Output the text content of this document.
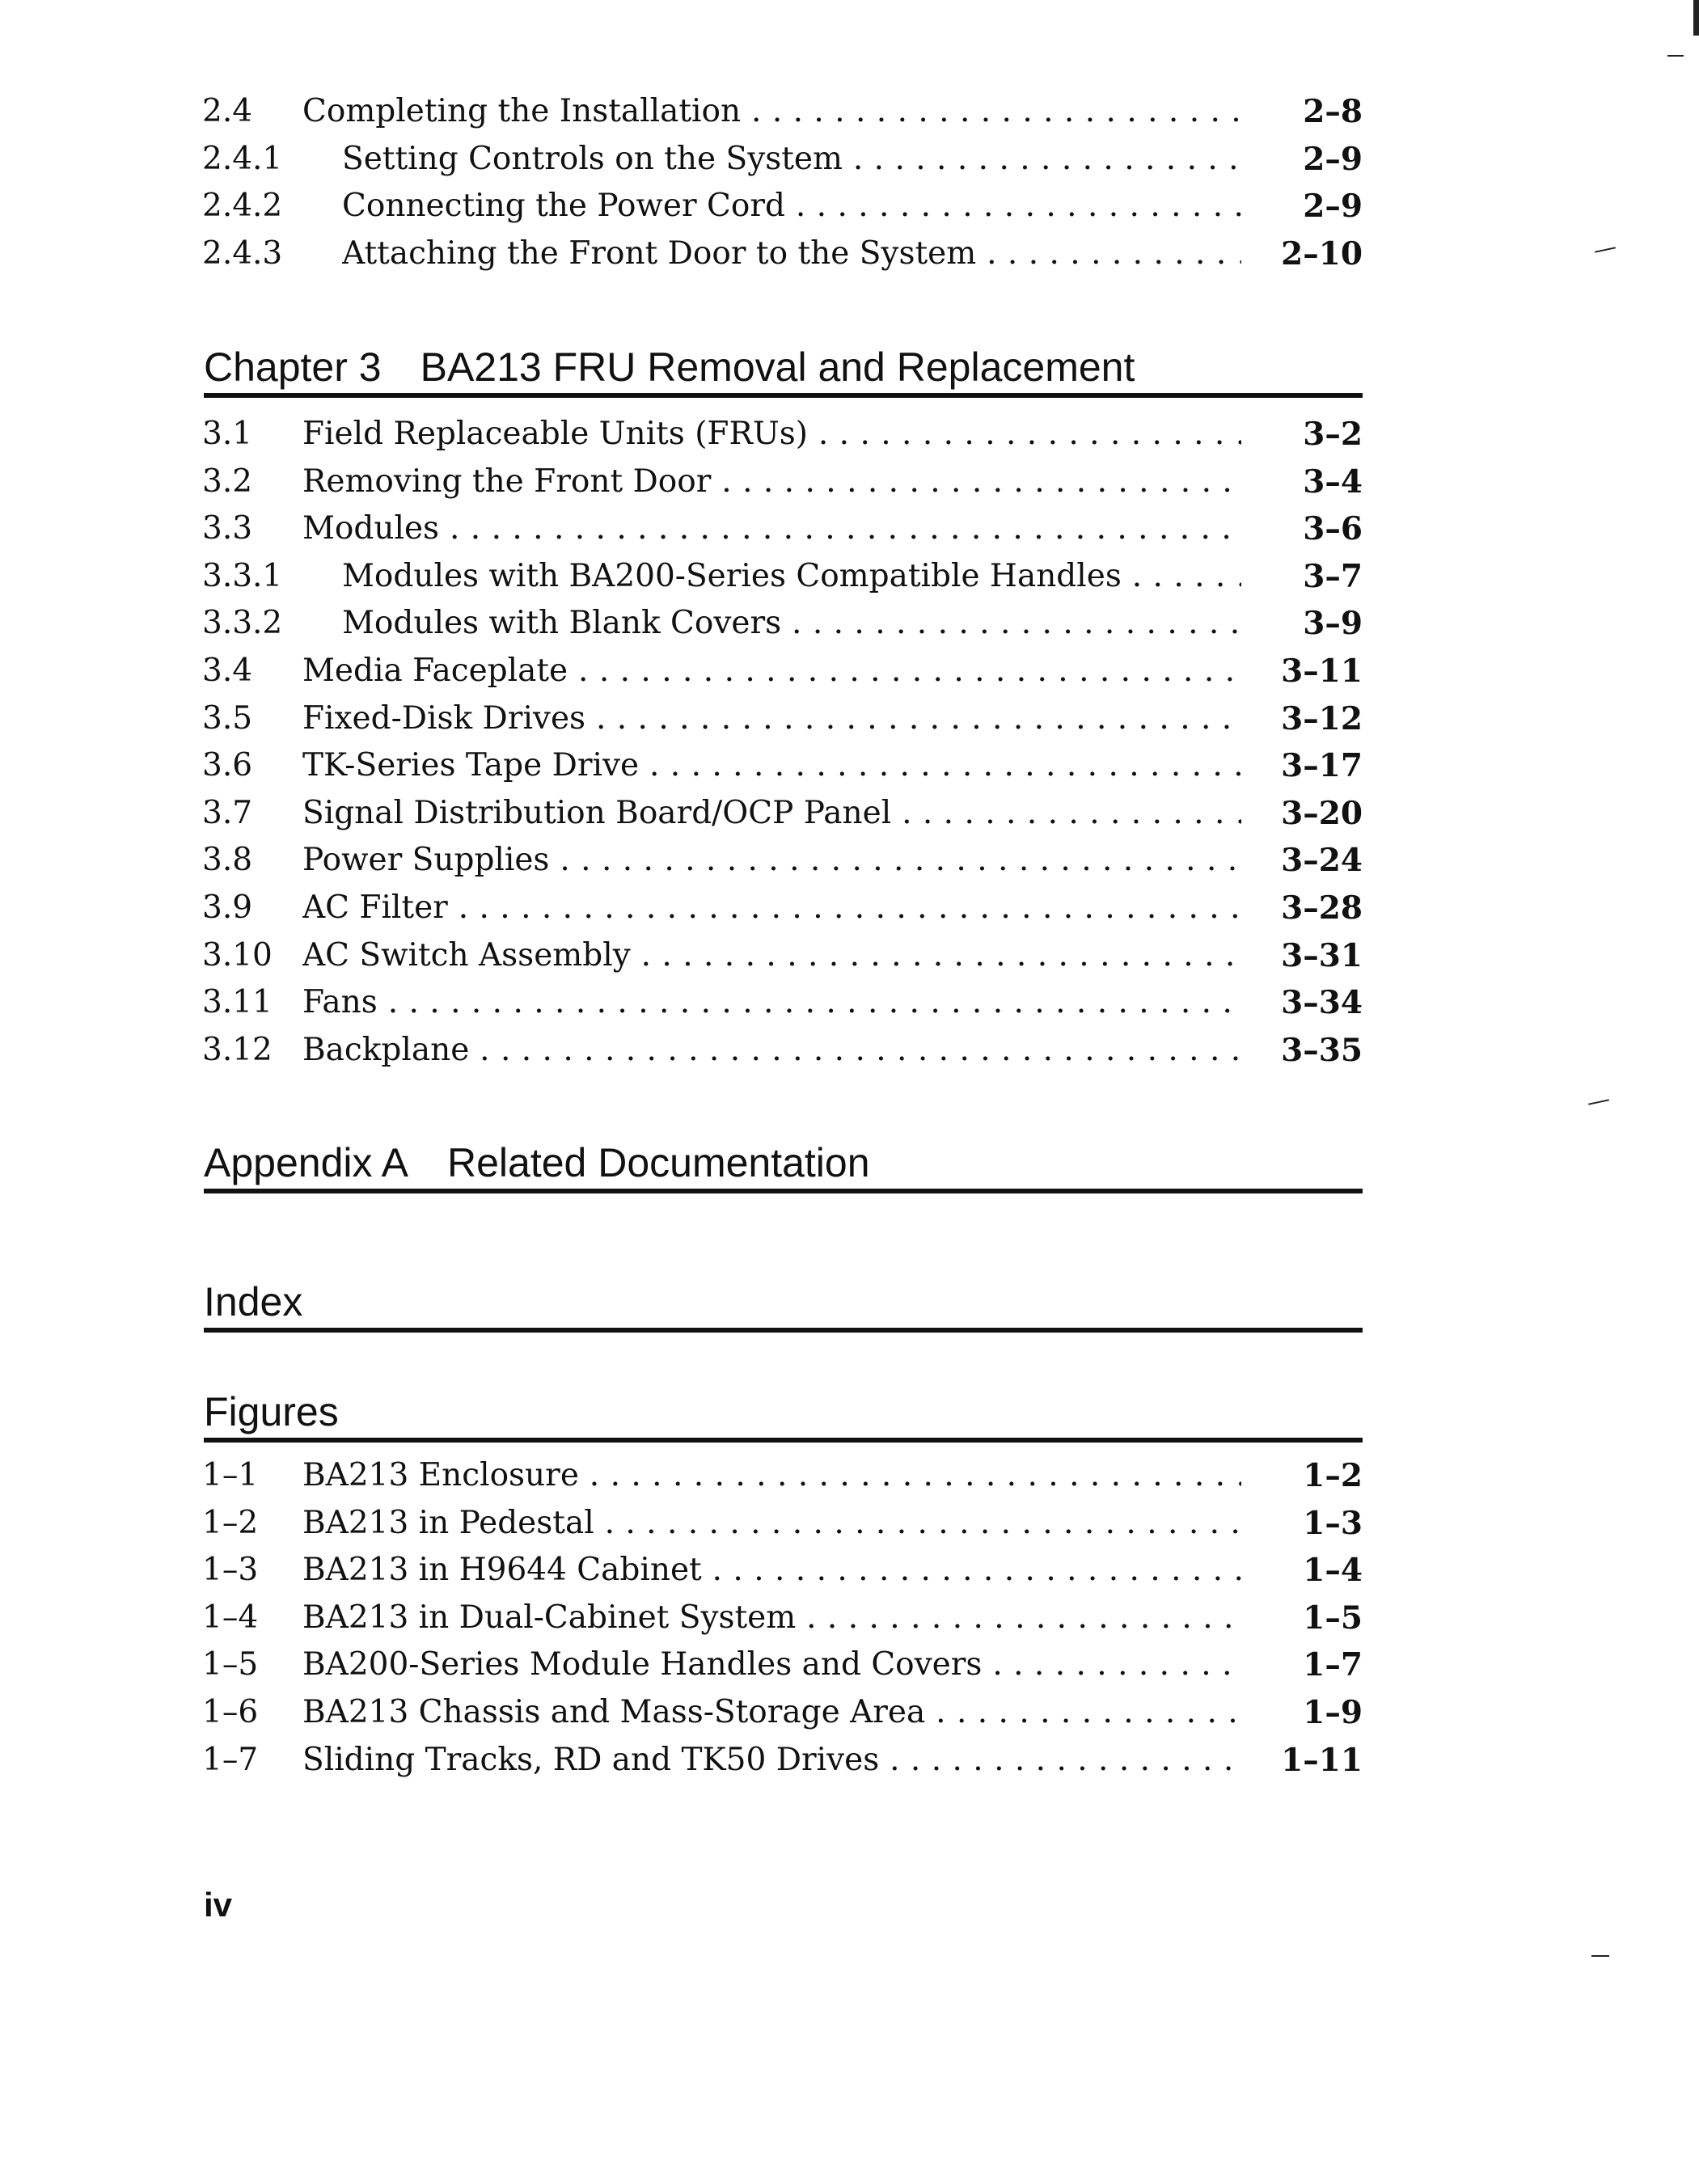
2.4 Completing the Installation . . .	2–8
2.4.1 Setting Controls on the System . . .	2–9
2.4.2 Connecting the Power Cord . . .	2–9
2.4.3 Attaching the Front Door to the System . . .	2–10
Chapter 3 BA213 FRU Removal and Replacement
3.1 Field Replaceable Units (FRUs) . . .	3–2
3.2 Removing the Front Door . . .	3–4
3.3 Modules . . .	3–6
3.3.1 Modules with BA200-Series Compatible Handles . . .	3–7
3.3.2 Modules with Blank Covers . . .	3–9
3.4 Media Faceplate . . .	3–11
3.5 Fixed-Disk Drives . . .	3–12
3.6 TK-Series Tape Drive . . .	3–17
3.7 Signal Distribution Board/OCP Panel . . .	3–20
3.8 Power Supplies . . .	3–24
3.9 AC Filter . . .	3–28
3.10 AC Switch Assembly . . .	3–31
3.11 Fans . . .	3–34
3.12 Backplane . . .	3–35
Appendix A Related Documentation
Index
Figures
1–1 BA213 Enclosure . . .	1–2
1–2 BA213 in Pedestal . . .	1–3
1–3 BA213 in H9644 Cabinet . . .	1–4
1–4 BA213 in Dual-Cabinet System . . .	1–5
1–5 BA200-Series Module Handles and Covers . . .	1–7
1–6 BA213 Chassis and Mass-Storage Area . . .	1–9
1–7 Sliding Tracks, RD and TK50 Drives . . .	1–11
iv
